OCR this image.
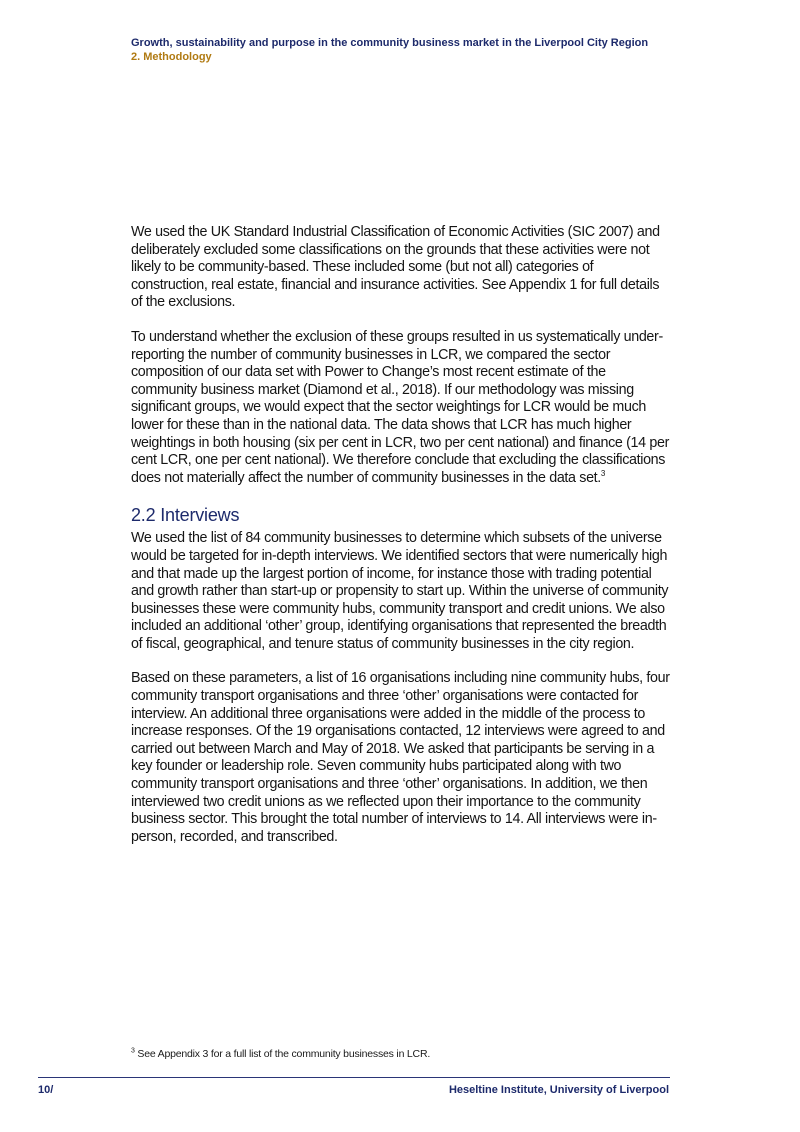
Growth, sustainability and purpose in the community business market in the Liverpool City Region
2. Methodology

We used the UK Standard Industrial Classification of Economic Activities (SIC 2007) and deliberately excluded some classifications on the grounds that these activities were not likely to be community-based. These included some (but not all) categories of construction, real estate, financial and insurance activities. See Appendix 1 for full details of the exclusions.

To understand whether the exclusion of these groups resulted in us systematically under-reporting the number of community businesses in LCR, we compared the sector composition of our data set with Power to Change’s most recent estimate of the community business market (Diamond et al., 2018). If our methodology was missing significant groups, we would expect that the sector weightings for LCR would be much lower for these than in the national data. The data shows that LCR has much higher weightings in both housing (six per cent in LCR, two per cent national) and finance (14 per cent LCR, one per cent national). We therefore conclude that excluding the classifications does not materially affect the number of community businesses in the data set.$^3$

2.2 Interviews

We used the list of 84 community businesses to determine which subsets of the universe would be targeted for in-depth interviews. We identified sectors that were numerically high and that made up the largest portion of income, for instance those with trading potential and growth rather than start-up or propensity to start up. Within the universe of community businesses these were community hubs, community transport and credit unions. We also included an additional ‘other’ group, identifying organisations that represented the breadth of fiscal, geographical, and tenure status of community businesses in the city region.

Based on these parameters, a list of 16 organisations including nine community hubs, four community transport organisations and three ‘other’ organisations were contacted for interview. An additional three organisations were added in the middle of the process to increase responses. Of the 19 organisations contacted, 12 interviews were agreed to and carried out between March and May of 2018. We asked that participants be serving in a key founder or leadership role. Seven community hubs participated along with two community transport organisations and three ‘other’ organisations. In addition, we then interviewed two credit unions as we reflected upon their importance to the community business sector. This brought the total number of interviews to 14. All interviews were in-person, recorded, and transcribed.

$^3$ See Appendix 3 for a full list of the community businesses in LCR.
10/	Heseltine Institute, University of Liverpool
